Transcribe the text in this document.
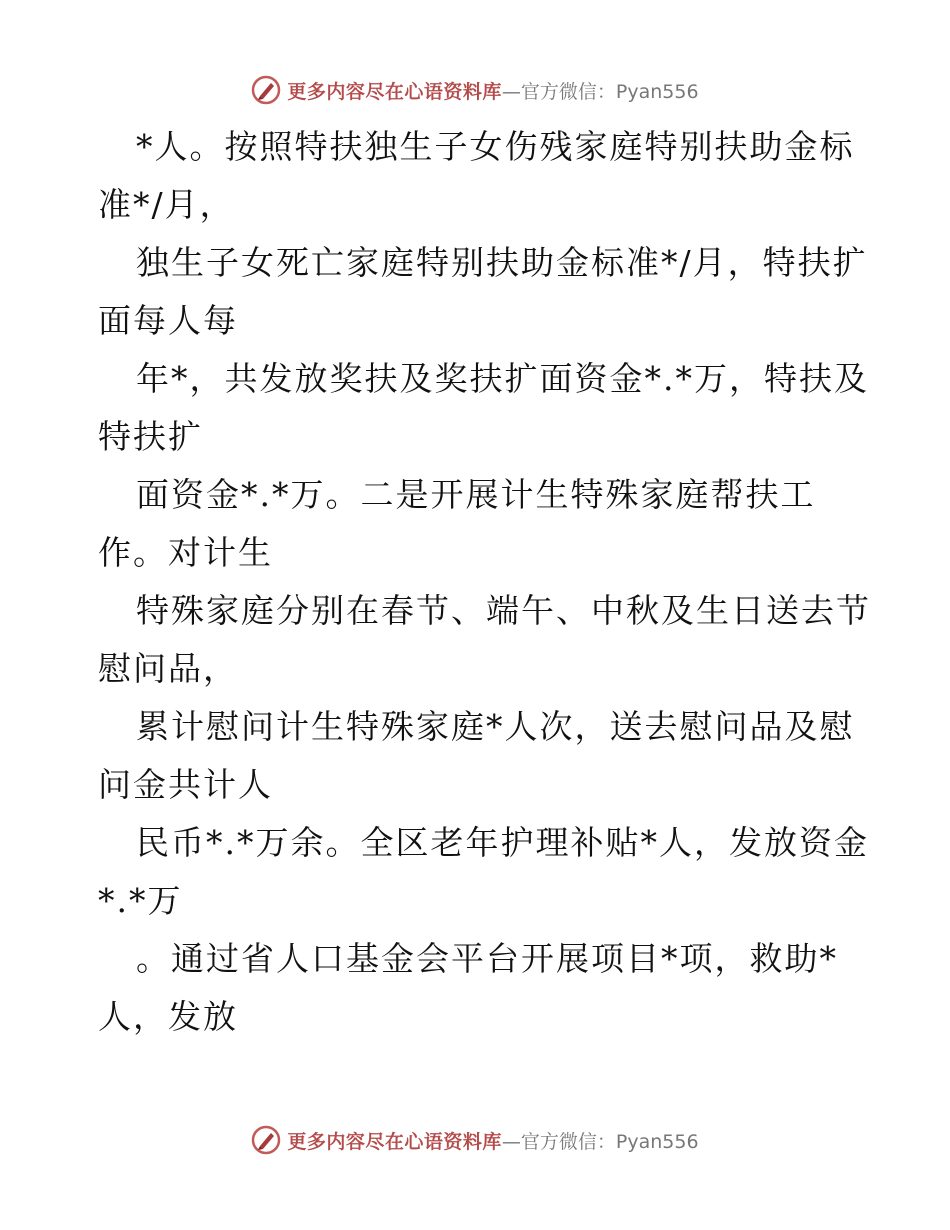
更多内容尽在心语资料库 —官方微信：Pyan556
*人。按照特扶独生子女伤残家庭特别扶助金标
准*/月，
独生子女死亡家庭特别扶助金标准*/月，特扶扩
面每人每
年*，共发放奖扶及奖扶扩面资金*.*万，特扶及
特扶扩
面资金*.*万。二是开展计生特殊家庭帮扶工
作。对计生
特殊家庭分别在春节、端午、中秋及生日送去节
慰问品，
累计慰问计生特殊家庭*人次，送去慰问品及慰
问金共计人
民币*.*万余。全区老年护理补贴*人，发放资金
*.*万
。通过省人口基金会平台开展项目*项，救助*
人，发放
更多内容尽在心语资料库 —官方微信：Pyan556
